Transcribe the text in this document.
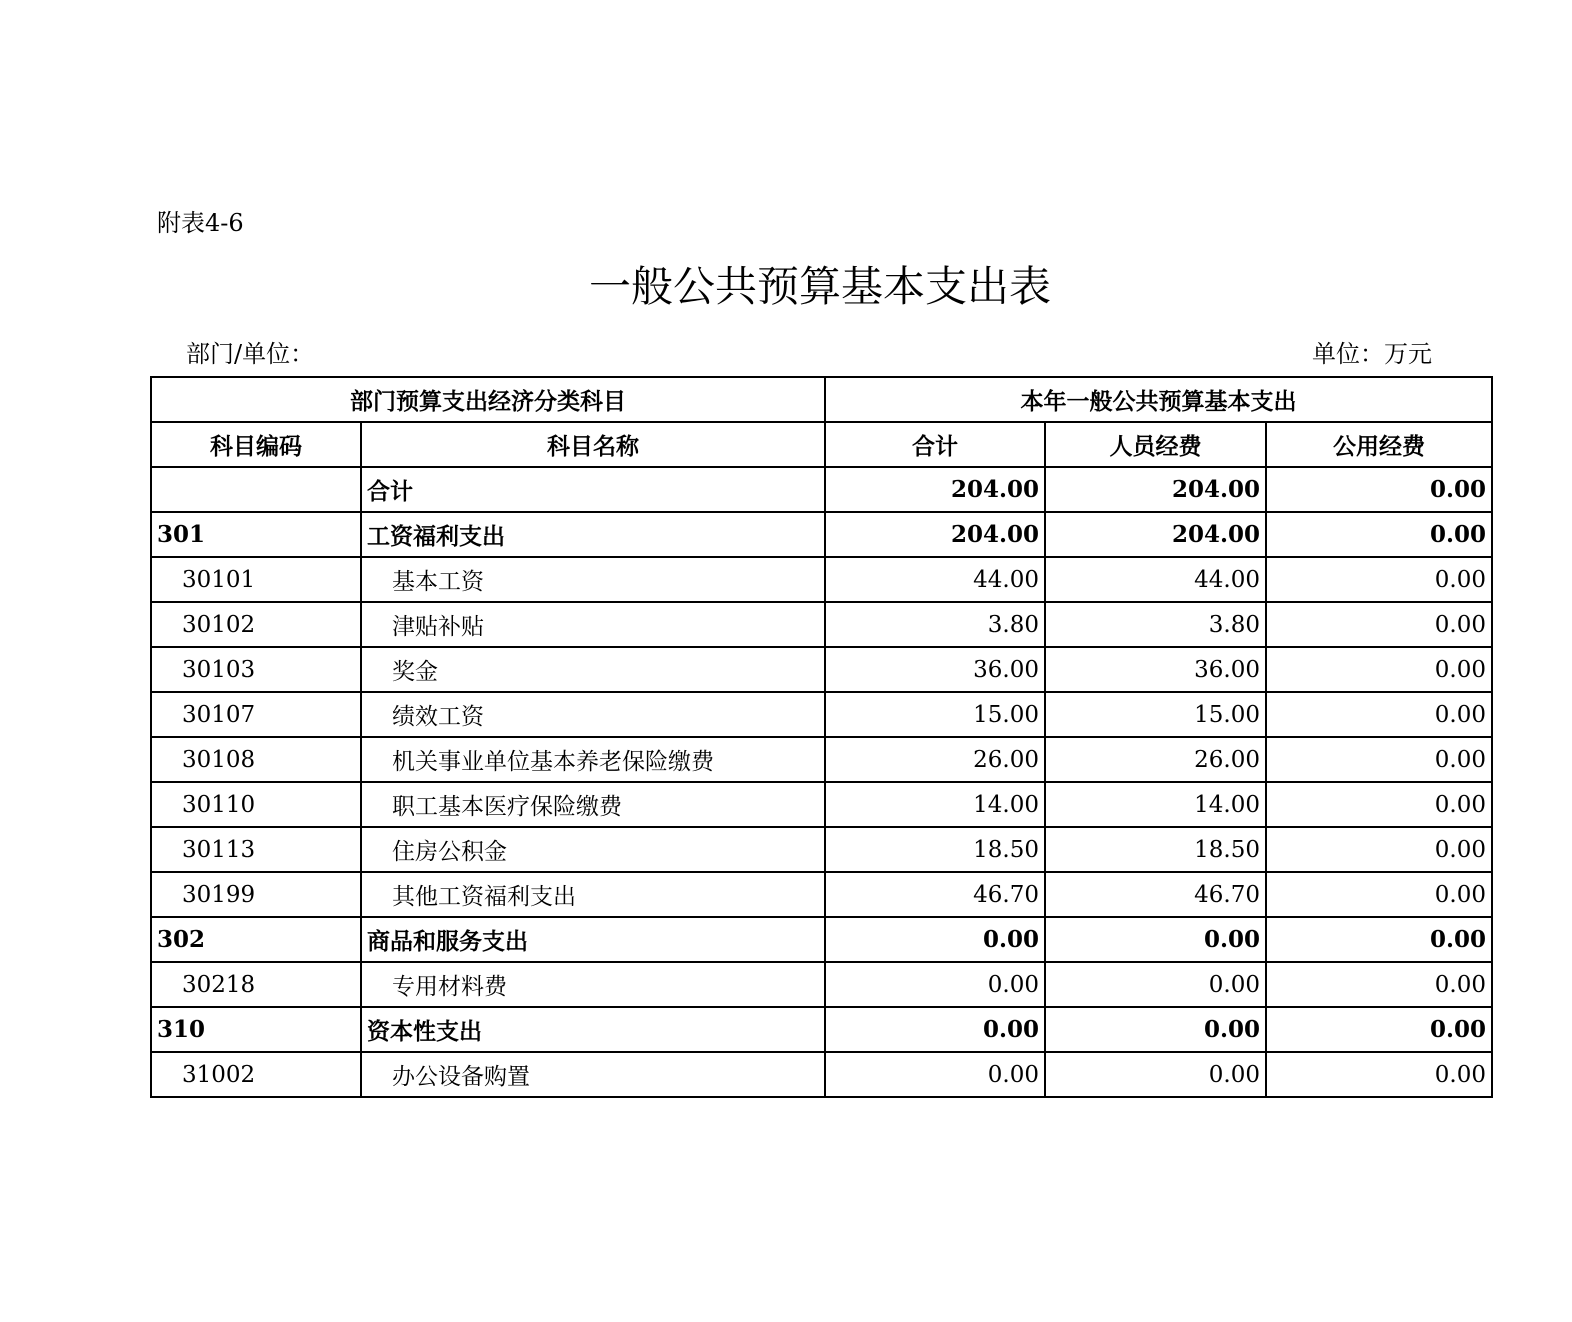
附表4-6
一般公共预算基本支出表
部门/单位：	单位：万元
部门预算支出经济分类科目		本年一般公共预算基本支出		
科目编码	科目名称	合计	人员经费	公用经费
	合计	204.00	204.00	0.00
301	工资福利支出	204.00	204.00	0.00
30101	基本工资	44.00	44.00	0.00
30102	津贴补贴	3.80	3.80	0.00
30103	奖金	36.00	36.00	0.00
30107	绩效工资	15.00	15.00	0.00
30108	机关事业单位基本养老保险缴费	26.00	26.00	0.00
30110	职工基本医疗保险缴费	14.00	14.00	0.00
30113	住房公积金	18.50	18.50	0.00
30199	其他工资福利支出	46.70	46.70	0.00
302	商品和服务支出	0.00	0.00	0.00
30218	专用材料费	0.00	0.00	0.00
310	资本性支出	0.00	0.00	0.00
31002	办公设备购置	0.00	0.00	0.00
